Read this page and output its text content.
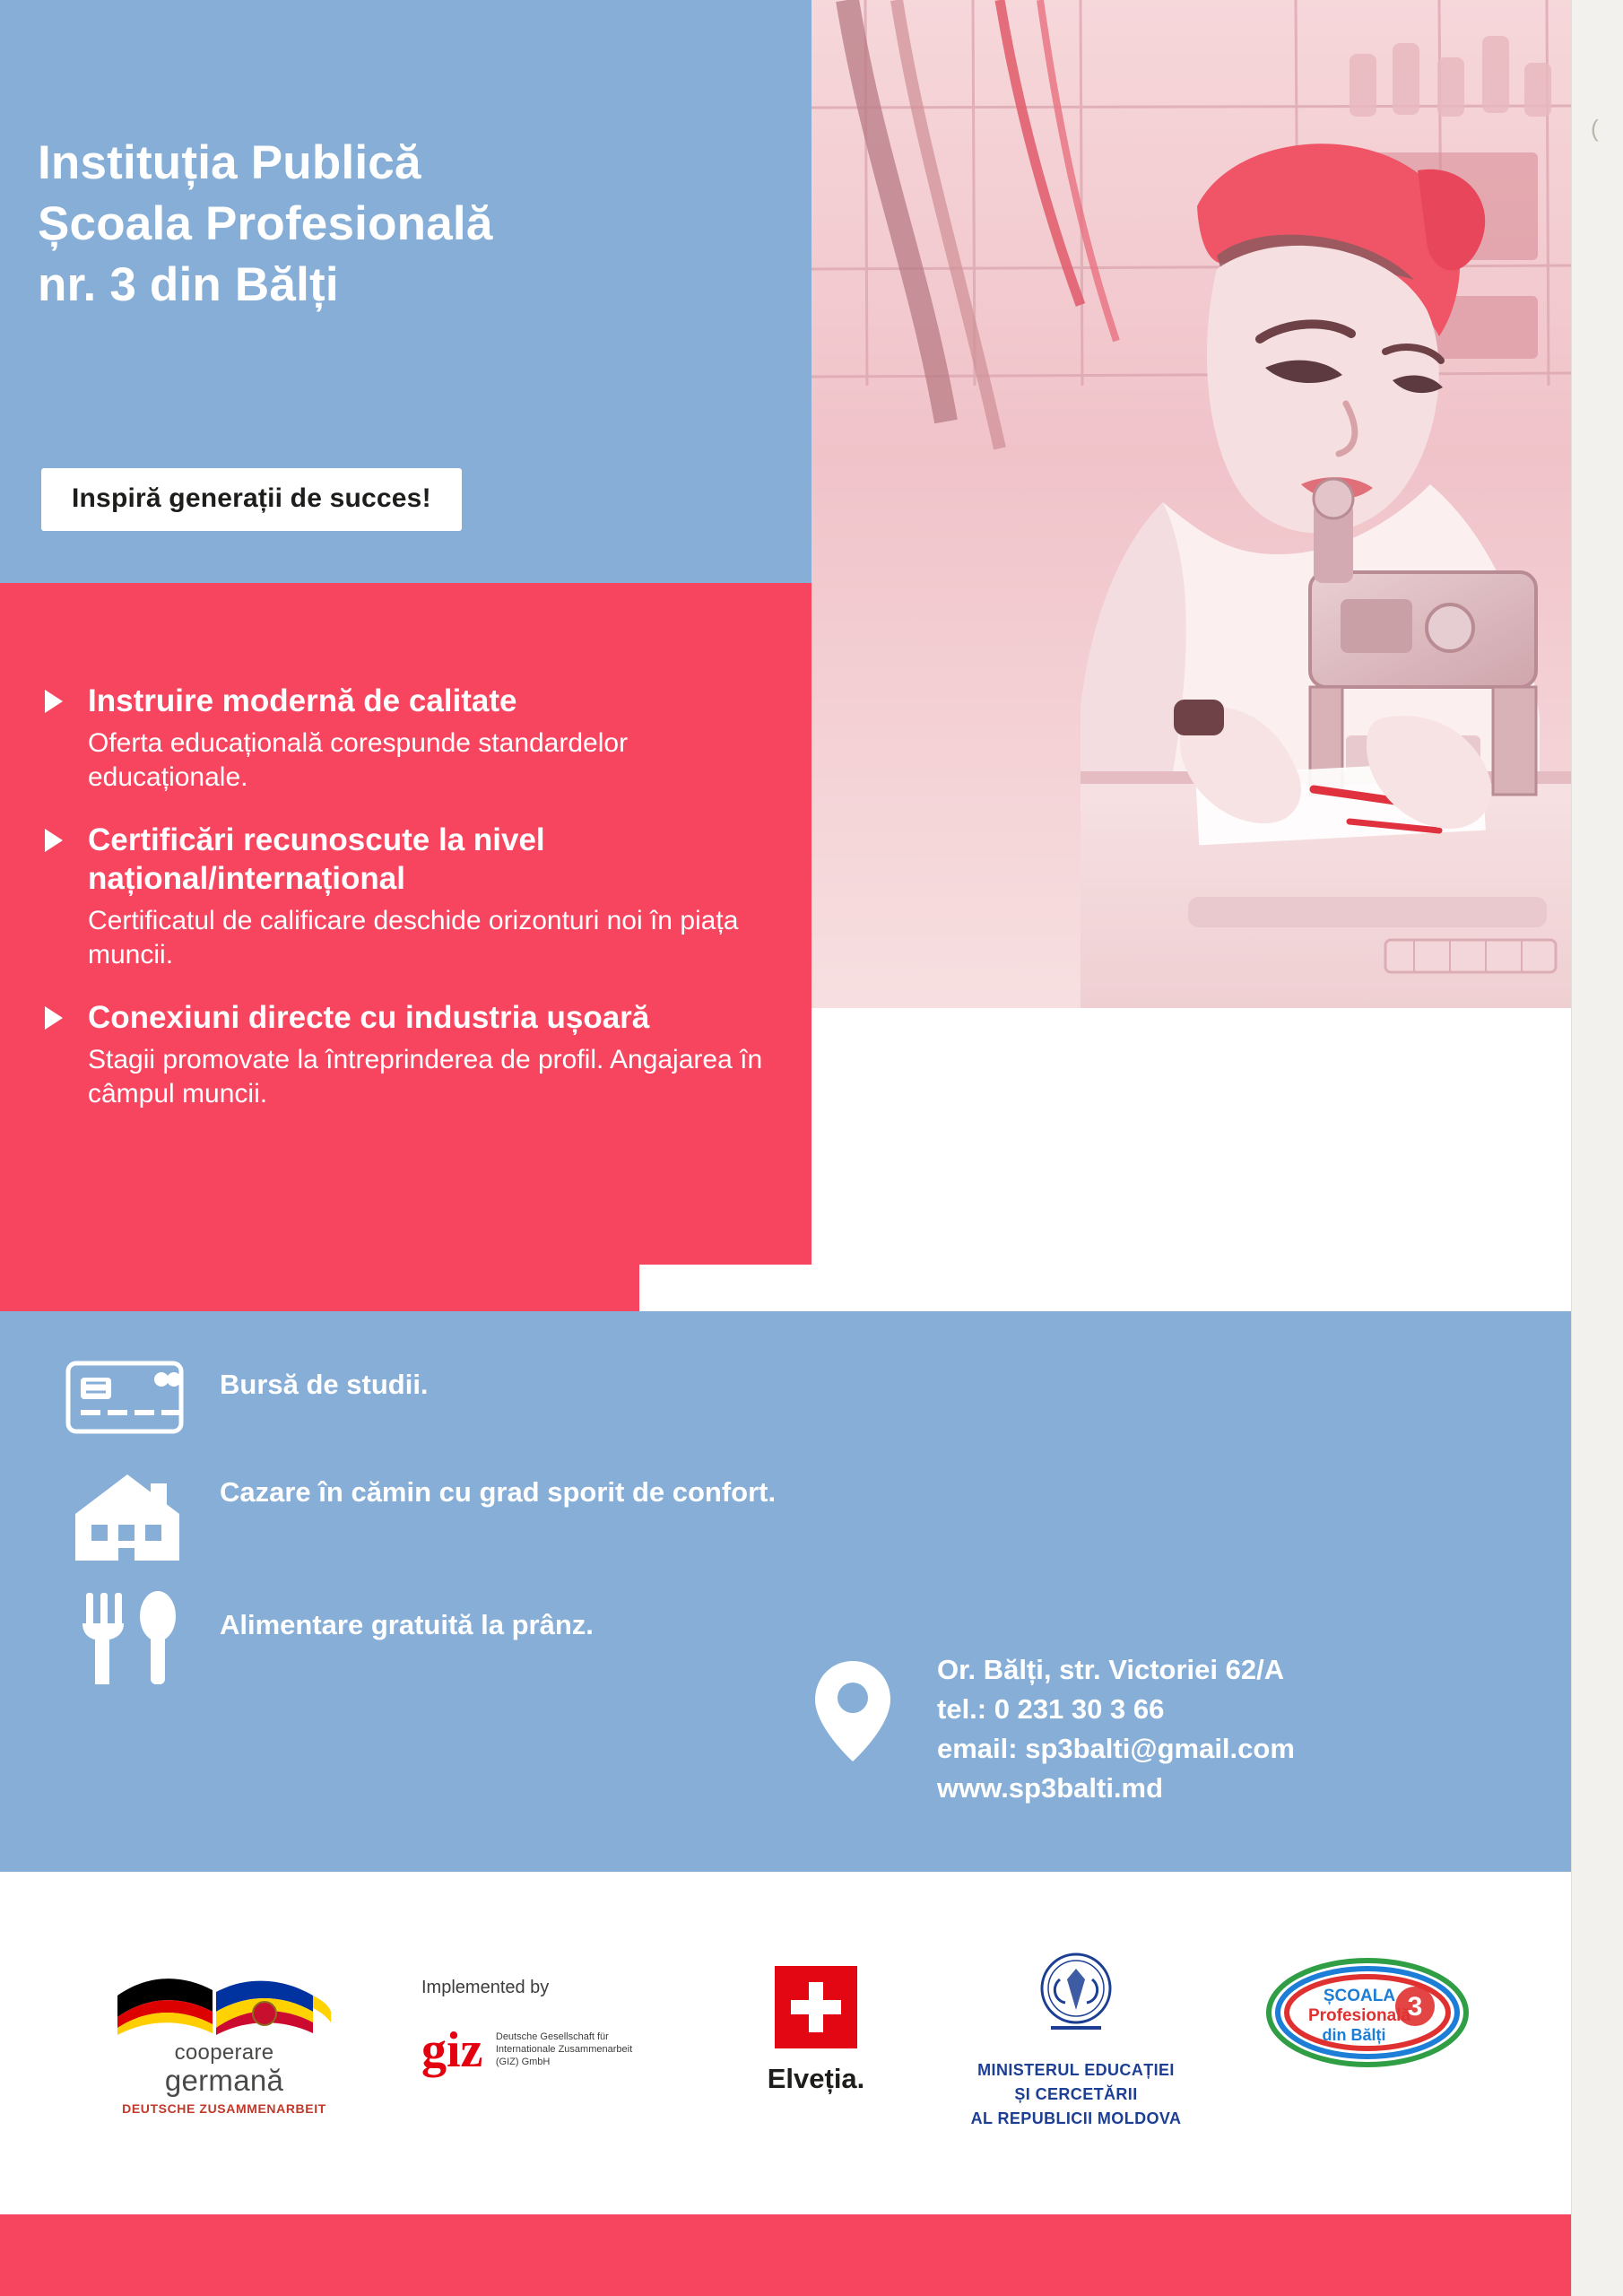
Instituția Publică
Școala Profesională
nr. 3 din Bălți
Inspiră generații de succes!
Instruire modernă de calitate

Oferta educațională corespunde standardelor educaționale.

Certificări recunoscute la nivel național/internațional

Certificatul de calificare deschide orizonturi noi în piața muncii.

Conexiuni directe cu industria ușoară

Stagii promovate la întreprinderea de profil. Angajarea în câmpul muncii.

Bursă de studii.
Cazare în cămin cu grad sporit de confort.
Alimentare gratuită la prânz.
Or. Bălți, str. Victoriei 62/A
tel.: 0 231 30 3 66
email: sp3balti@gmail.com
www.sp3balti.md
cooperare
germană
DEUTSCHE ZUSAMMENARBEIT
Implemented by
giz Deutsche Gesellschaft für Internationale Zusammenarbeit (GIZ) GmbH
Elveția.	MINISTERUL EDUCAȚIEI
ȘI CERCETĂRII
AL REPUBLICII MOLDOVA
3
ȘCOALA
Profesională
din Bălți
(
